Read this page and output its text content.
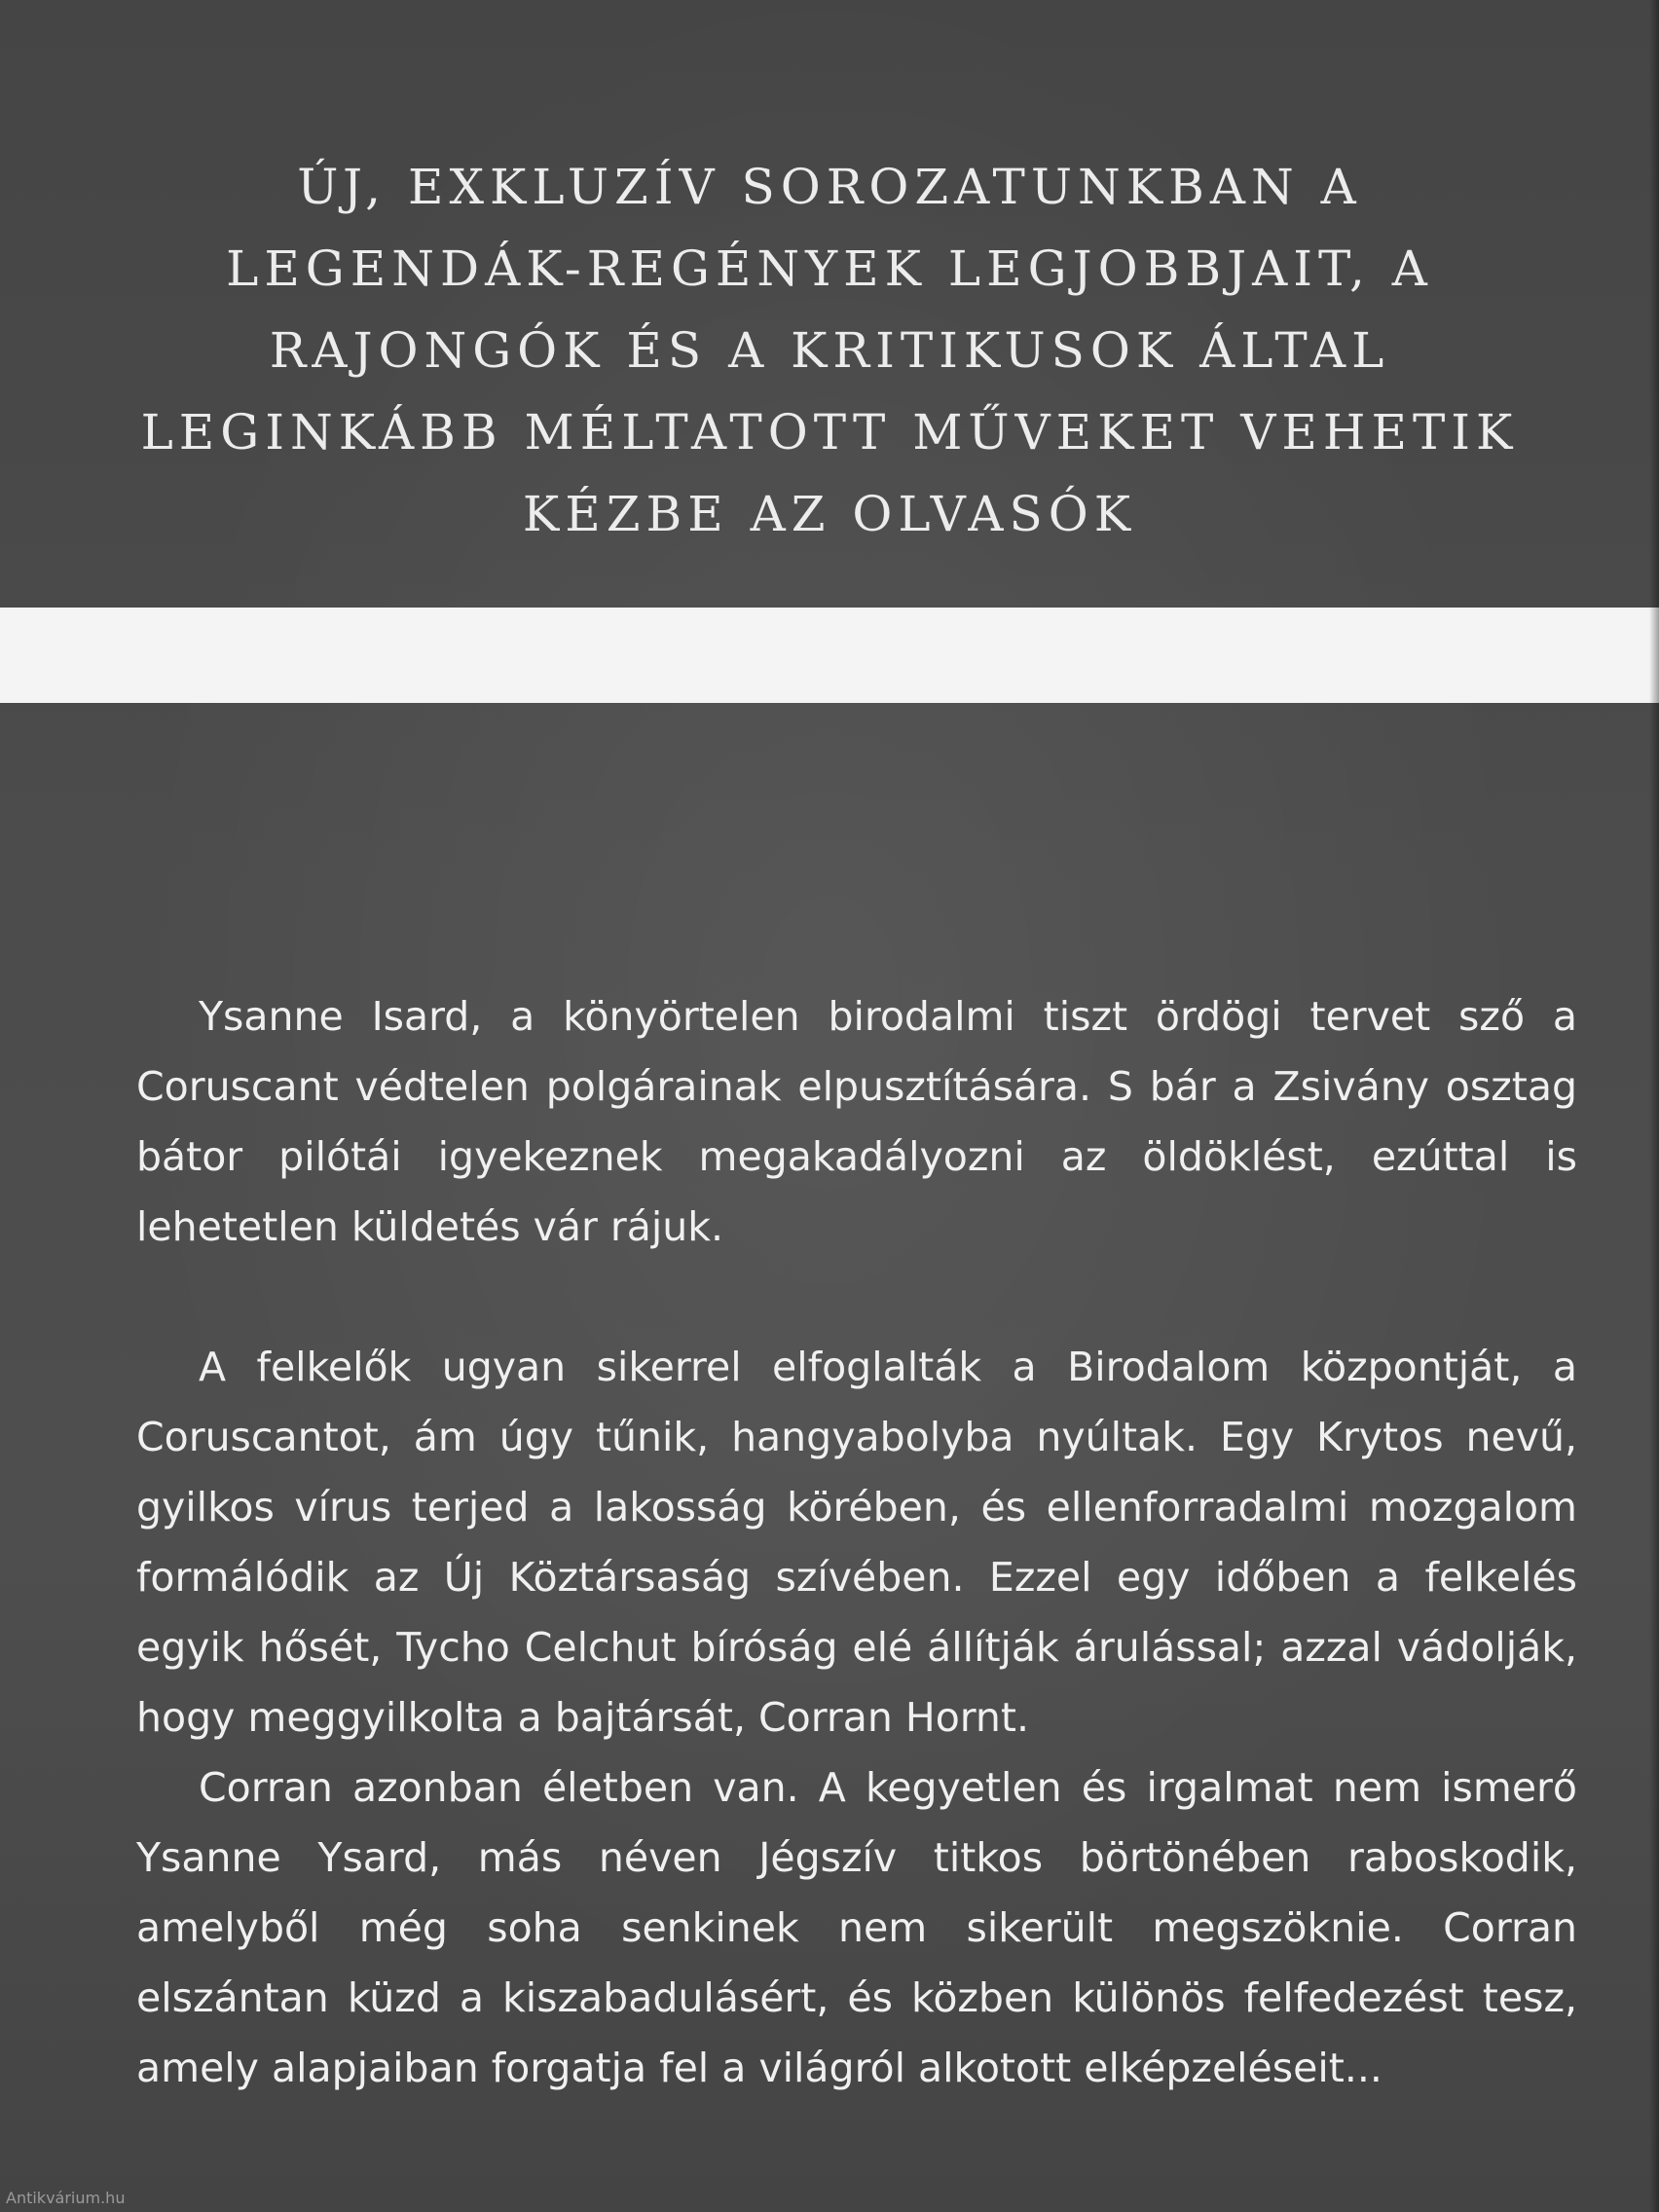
ÚJ, EXKLUZÍV SOROZATUNKBAN A LEGENDÁK-REGÉNYEK LEGJOBBJAIT, A RAJONGÓK ÉS A KRITIKUSOK ÁLTAL LEGINKÁBB MÉLTATOTT MŰVEKET VEHETIK KÉZBE AZ OLVASÓK

Ysanne Isard, a könyörtelen birodalmi tiszt ördögi tervet sző a Coruscant védtelen polgárainak elpusztítására. S bár a Zsivány osztag bátor pilótái igyekeznek megakadályozni az öldöklést, ezúttal is lehetetlen küldetés vár rájuk.

A felkelők ugyan sikerrel elfoglalták a Birodalom központját, a Coruscantot, ám úgy tűnik, hangyabolyba nyúltak. Egy Krytos nevű, gyilkos vírus terjed a lakosság körében, és ellenforradalmi mozgalom formálódik az Új Köztársaság szívében. Ezzel egy időben a felkelés egyik hősét, Tycho Celchut bíróság elé állítják árulással; azzal vádolják, hogy meggyilkolta a bajtársát, Corran Hornt.

Corran azonban életben van. A kegyetlen és irgalmat nem ismerő Ysanne Ysard, más néven Jégszív titkos börtönében raboskodik, amelyből még soha senkinek nem sikerült megszöknie. Corran elszántan küzd a kiszabadulásért, és közben különös felfedezést tesz, amely alapjaiban forgatja fel a világról alkotott elképzeléseit...

Antikvárium.hu
